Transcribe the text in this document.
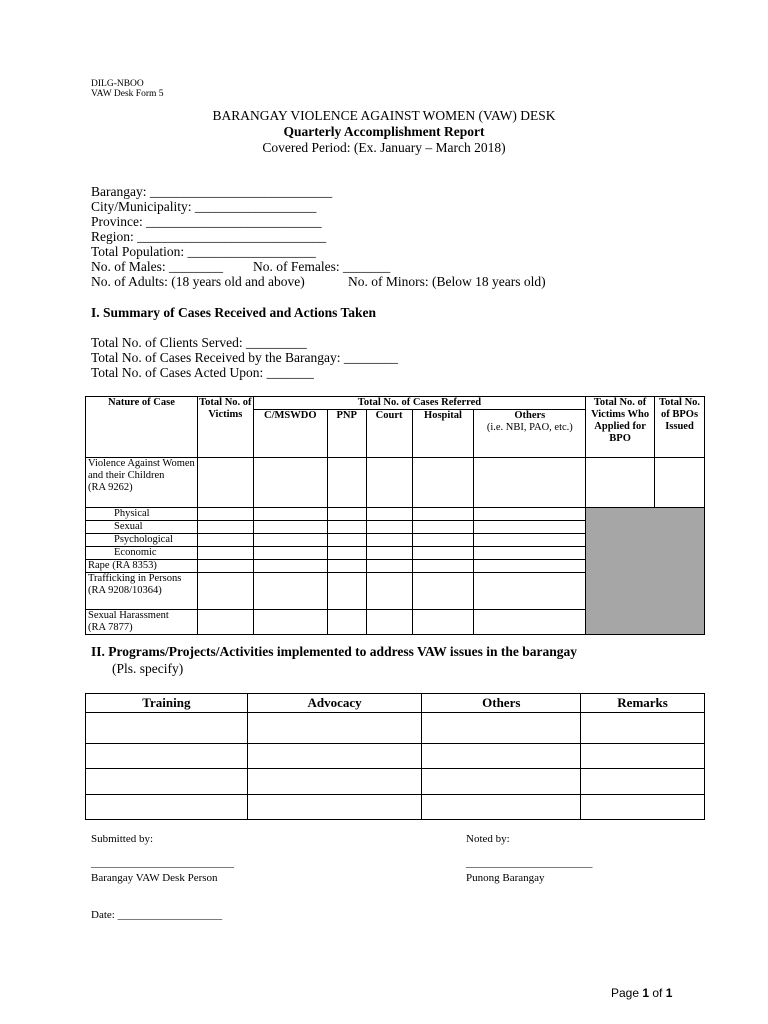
DILG-NBOO
VAW Desk Form 5
BARANGAY VIOLENCE AGAINST WOMEN (VAW) DESK
Quarterly Accomplishment Report
Covered Period: (Ex. January – March 2018)
Barangay: ___________________________
City/Municipality: __________________
Province: __________________________
Region: ____________________________
Total Population: ___________________
No. of Males: ________ No. of Females: _______
No. of Adults: (18 years old and above)	No. of Minors: (Below 18 years old)
I. Summary of Cases Received and Actions Taken
Total No. of Clients Served: _________
Total No. of Cases Received by the Barangay: ________
Total No. of Cases Acted Upon: _______
Nature of Case	Total No. of Victims	Total No. of Cases Referred					Total No. of Victims Who Applied for BPO	Total No. of BPOs Issued
		C/MSWDO	PNP	Court	Hospital	Others
(i.e. NBI, PAO, etc.)		

Violence Against Women and their Children
(RA 9262)								

Physical								
Sexual								
Psychological								
Economic								
Rape (RA 8353)								

Trafficking in Persons
(RA 9208/10364)								

Sexual Harassment
(RA 7877)								

II. Programs/Projects/Activities implemented to address VAW issues in the barangay
(Pls. specify)
Training	Advocacy	Others	Remarks

Submitted by:	Noted by:
__________________________	_______________________
Barangay VAW Desk Person	Punong Barangay
Date: ___________________
Page 1 of 1
